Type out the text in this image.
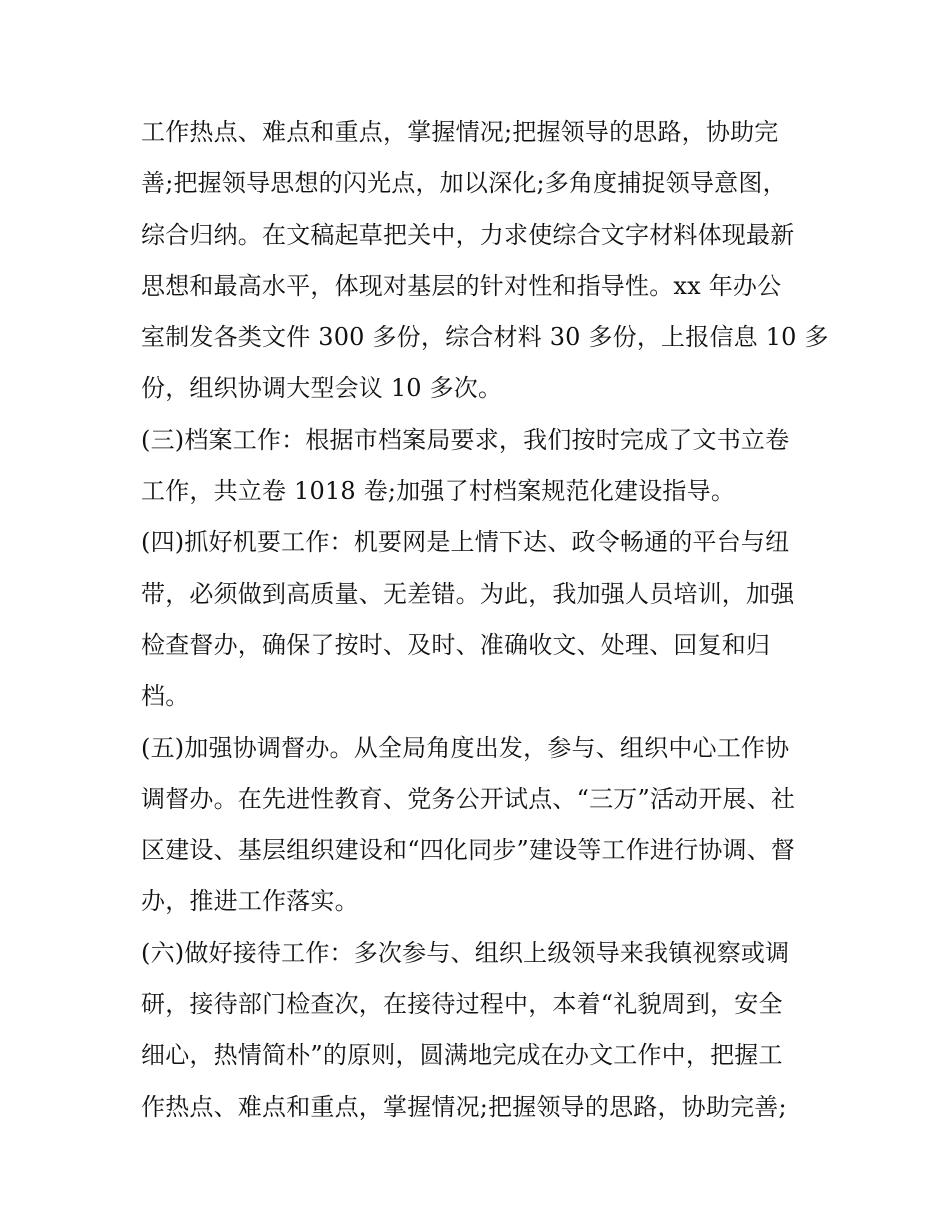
工作热点、难点和重点，掌握情况;把握领导的思路，协助完
善;把握领导思想的闪光点，加以深化;多角度捕捉领导意图，
综合归纳。在文稿起草把关中，力求使综合文字材料体现最新
思想和最高水平，体现对基层的针对性和指导性。xx 年办公
室制发各类文件 300 多份，综合材料 30 多份，上报信息 10 多
份，组织协调大型会议 10 多次。
(三)档案工作：根据市档案局要求，我们按时完成了文书立卷
工作，共立卷 1018 卷;加强了村档案规范化建设指导。
(四)抓好机要工作：机要网是上情下达、政令畅通的平台与纽
带，必须做到高质量、无差错。为此，我加强人员培训，加强
检查督办，确保了按时、及时、准确收文、处理、回复和归
档。
(五)加强协调督办。从全局角度出发，参与、组织中心工作协
调督办。在先进性教育、党务公开试点、“三万”活动开展、社
区建设、基层组织建设和“四化同步”建设等工作进行协调、督
办，推进工作落实。
(六)做好接待工作：多次参与、组织上级领导来我镇视察或调
研，接待部门检查次，在接待过程中，本着“礼貌周到，安全
细心，热情简朴”的原则，圆满地完成在办文工作中，把握工
作热点、难点和重点，掌握情况;把握领导的思路，协助完善;
